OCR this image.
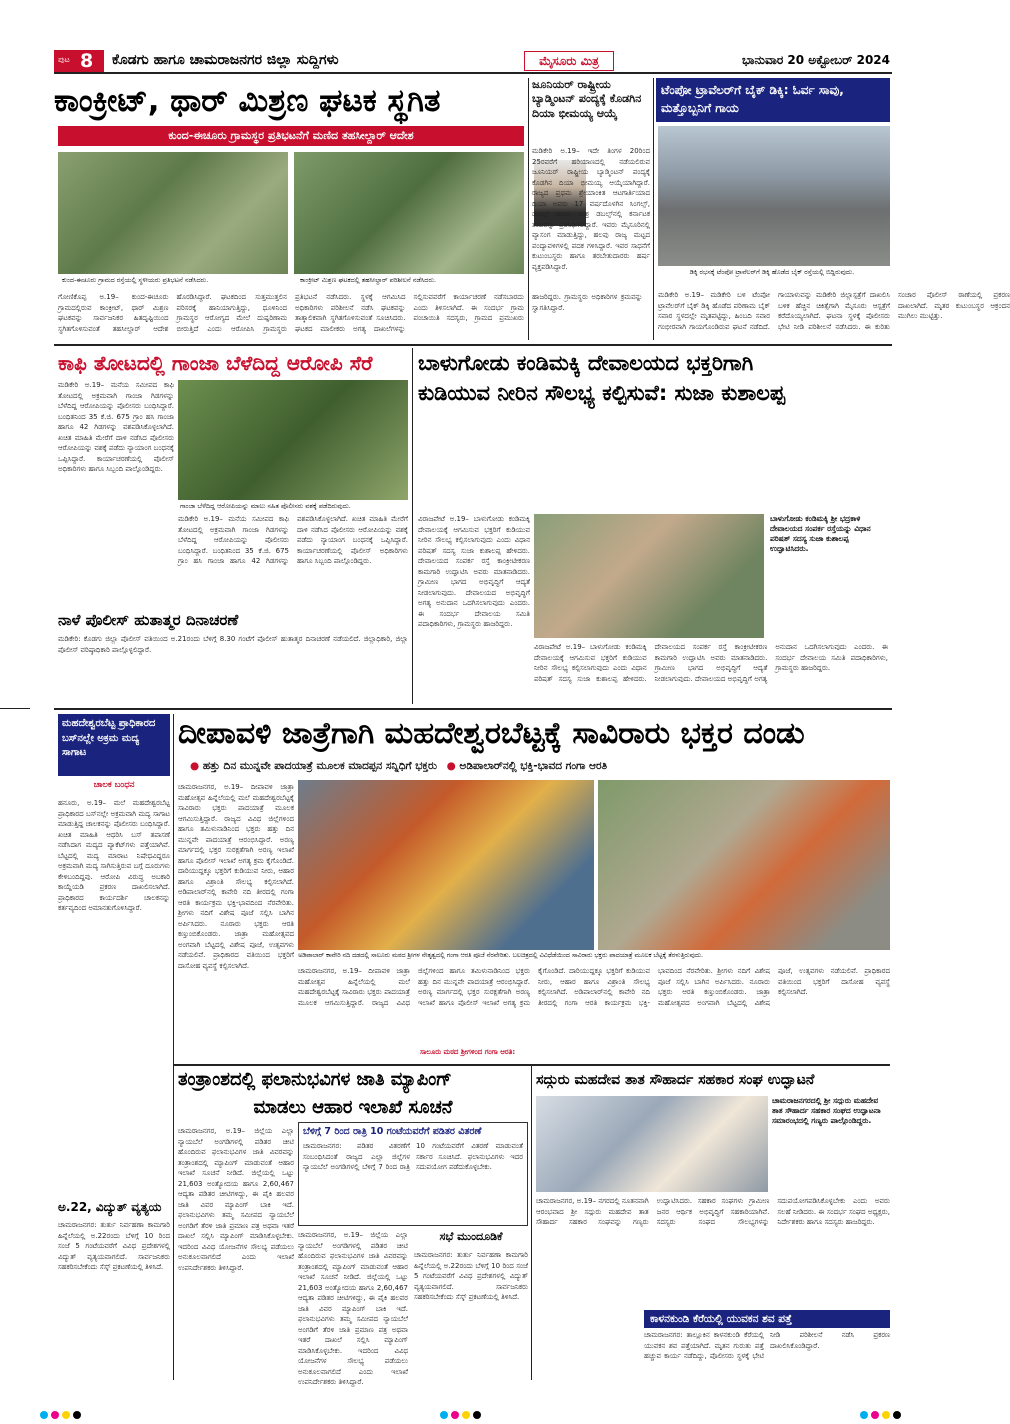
ಪುಟ 8 ಕೊಡಗು ಹಾಗೂ ಚಾಮರಾಜನಗರ ಜಿಲ್ಲಾ ಸುದ್ದಿಗಳು	ಮೈಸೂರು ಮಿತ್ರ	ಭಾನುವಾರ 20 ಅಕ್ಟೋಬರ್ 2024
ಕಾಂಕ್ರೀಟ್, ಥಾರ್ ಮಿಶ್ರಣ ಘಟಕ ಸ್ಥಗಿತ
ಕುಂದ-ಈಚೂರು ಗ್ರಾಮಸ್ಥರ ಪ್ರತಿಭಟನೆಗೆ ಮಣಿದ ತಹಸೀಲ್ದಾರ್ ಆದೇಶ
ಕುಂದ-ಈಚೂರು ಗ್ರಾಮದ ರಸ್ತೆಯಲ್ಲಿ ಸ್ಥಳೀಯರು ಪ್ರತಿಭಟನೆ ನಡೆಸಿದರು.	ಕಾಂಕ್ರೀಟ್ ಮಿಶ್ರಣ ಘಟಕದಲ್ಲಿ ತಹಸೀಲ್ದಾರ್ ಪರಿಶೀಲನೆ ನಡೆಸಿದರು.
ಗೋಣಿಕೊಪ್ಪ ಅ.19– ಕುಂದ-ಈಚೂರು ಗ್ರಾಮದಲ್ಲಿರುವ ಕಾಂಕ್ರೀಟ್, ಥಾರ್ ಮಿಶ್ರಣ ಘಟಕವನ್ನು ಸಾರ್ವಜನಿಕರ ಹಿತದೃಷ್ಟಿಯಿಂದ ಸ್ಥಗಿತಗೊಳಿಸುವಂತೆ ತಹಸೀಲ್ದಾರ್ ಆದೇಶ ಹೊರಡಿಸಿದ್ದಾರೆ. ಘಟಕದಿಂದ ಸುತ್ತಮುತ್ತಲಿನ ಪರಿಸರಕ್ಕೆ ಹಾನಿಯಾಗುತ್ತಿದ್ದು, ಧೂಳಿನಿಂದ ಗ್ರಾಮಸ್ಥರ ಆರೋಗ್ಯದ ಮೇಲೆ ದುಷ್ಪರಿಣಾಮ ಬೀರುತ್ತಿದೆ ಎಂದು ಆರೋಪಿಸಿ ಗ್ರಾಮಸ್ಥರು ಪ್ರತಿಭಟನೆ ನಡೆಸಿದರು. ಸ್ಥಳಕ್ಕೆ ಆಗಮಿಸಿದ ಅಧಿಕಾರಿಗಳು ಪರಿಶೀಲನೆ ನಡೆಸಿ ಘಟಕವನ್ನು ತಾತ್ಕಾಲಿಕವಾಗಿ ಸ್ಥಗಿತಗೊಳಿಸುವಂತೆ ಸೂಚಿಸಿದರು. ಘಟಕದ ಮಾಲೀಕರು ಅಗತ್ಯ ದಾಖಲೆಗಳನ್ನು ಸಲ್ಲಿಸುವವರೆಗೆ ಕಾರ್ಯಾಚರಣೆ ನಡೆಸಬಾರದು ಎಂದು ತಿಳಿಸಲಾಗಿದೆ. ಈ ಸಂದರ್ಭ ಗ್ರಾಮ ಪಂಚಾಯಿತಿ ಸದಸ್ಯರು, ಗ್ರಾಮದ ಪ್ರಮುಖರು ಹಾಜರಿದ್ದರು. ಗ್ರಾಮಸ್ಥರು ಅಧಿಕಾರಿಗಳ ಕ್ರಮವನ್ನು ಸ್ವಾಗತಿಸಿದ್ದಾರೆ.
ಜೂನಿಯರ್ ರಾಷ್ಟ್ರೀಯ ಬ್ಯಾಡ್ಮಿಂಟನ್ ಪಂದ್ಯಕ್ಕೆ ಕೊಡಗಿನ ದಿಯಾ ಭೀಮಯ್ಯ ಆಯ್ಕೆ
ಮಡಿಕೇರಿ ಅ.19– ಇದೇ ತಿಂಗಳ 20ರಿಂದ 25ರವರೆಗೆ ಹರಿಯಾಣದಲ್ಲಿ ನಡೆಯಲಿರುವ ಜೂನಿಯರ್ ರಾಷ್ಟ್ರೀಯ ಬ್ಯಾಡ್ಮಿಂಟನ್ ಪಂದ್ಯಕ್ಕೆ ಕೊಡಗಿನ ದಿಯಾ ಭೀಮಯ್ಯ ಆಯ್ಕೆಯಾಗಿದ್ದಾರೆ. ರಾಜ್ಯದ ಪ್ರಥಮ ಶ್ರೇಯಾಂಕಿತ ಆಟಗಾರ್ತಿಯಾದ ದಿಯಾ ಅವರು 17 ವರ್ಷದೊಳಗಿನ ಸಿಂಗಲ್ಸ್, ಡಬಲ್ಸ್ ಹಾಗೂ ಮಿಶ್ರ ಡಬಲ್ಸ್‌ನಲ್ಲಿ ಕರ್ನಾಟಕ ತಂಡವನ್ನು ಪ್ರತಿನಿಧಿಸಲಿದ್ದಾರೆ. ಇವರು ಮೈಸೂರಿನಲ್ಲಿ ವ್ಯಾಸಂಗ ಮಾಡುತ್ತಿದ್ದು, ಹಲವು ರಾಜ್ಯ ಮಟ್ಟದ ಪಂದ್ಯಾವಳಿಗಳಲ್ಲಿ ಪದಕ ಗಳಿಸಿದ್ದಾರೆ. ಇವರ ಸಾಧನೆಗೆ ಕುಟುಂಬಸ್ಥರು ಹಾಗೂ ತರಬೇತುದಾರರು ಹರ್ಷ ವ್ಯಕ್ತಪಡಿಸಿದ್ದಾರೆ.
ಟೆಂಪೋ ಟ್ರಾವೆಲರ್‌ಗೆ ಬೈಕ್ ಡಿಕ್ಕಿ: ಓರ್ವ ಸಾವು, ಮತ್ತೊಬ್ಬನಿಗೆ ಗಾಯ
ಡಿಕ್ಕಿ ರಭಸಕ್ಕೆ ಟೆಂಪೋ ಟ್ರಾವೆಲರ್‌ಗೆ ಡಿಕ್ಕಿ ಹೊಡೆದ ಬೈಕ್ ರಸ್ತೆಯಲ್ಲಿ ಬಿದ್ದಿರುವುದು.
ಮಡಿಕೇರಿ ಅ.19– ಮಡಿಕೇರಿ ಬಳಿ ಟೆಂಪೋ ಟ್ರಾವೆಲರ್‌ಗೆ ಬೈಕ್ ಡಿಕ್ಕಿ ಹೊಡೆದ ಪರಿಣಾಮ ಬೈಕ್ ಸವಾರ ಸ್ಥಳದಲ್ಲೇ ಮೃತಪಟ್ಟಿದ್ದು, ಹಿಂಬದಿ ಸವಾರ ಗಂಭೀರವಾಗಿ ಗಾಯಗೊಂಡಿರುವ ಘಟನೆ ನಡೆದಿದೆ. ಗಾಯಾಳುವನ್ನು ಮಡಿಕೇರಿ ಜಿಲ್ಲಾಸ್ಪತ್ರೆಗೆ ದಾಖಲಿಸಿ ಬಳಿಕ ಹೆಚ್ಚಿನ ಚಿಕಿತ್ಸೆಗಾಗಿ ಮೈಸೂರು ಆಸ್ಪತ್ರೆಗೆ ಕರೆದೊಯ್ಯಲಾಗಿದೆ. ಘಟನಾ ಸ್ಥಳಕ್ಕೆ ಪೊಲೀಸರು ಭೇಟಿ ನೀಡಿ ಪರಿಶೀಲನೆ ನಡೆಸಿದರು. ಈ ಕುರಿತು ಸಂಚಾರ ಪೊಲೀಸ್ ಠಾಣೆಯಲ್ಲಿ ಪ್ರಕರಣ ದಾಖಲಾಗಿದೆ. ಮೃತರ ಕುಟುಂಬಸ್ಥರ ಆಕ್ರಂದನ ಮುಗಿಲು ಮುಟ್ಟಿತ್ತು.
ಕಾಫಿ ತೋಟದಲ್ಲಿ ಗಾಂಜಾ ಬೆಳೆದಿದ್ದ ಆರೋಪಿ ಸೆರೆ
ಮಡಿಕೇರಿ ಅ.19– ಮನೆಯ ಸಮೀಪದ ಕಾಫಿ ತೋಟದಲ್ಲಿ ಅಕ್ರಮವಾಗಿ ಗಾಂಜಾ ಗಿಡಗಳನ್ನು ಬೆಳೆದಿದ್ದ ಆರೋಪಿಯನ್ನು ಪೊಲೀಸರು ಬಂಧಿಸಿದ್ದಾರೆ. ಬಂಧಿತನಿಂದ 35 ಕೆ.ಜಿ. 675 ಗ್ರಾಂ ಹಸಿ ಗಾಂಜಾ ಹಾಗೂ 42 ಗಿಡಗಳನ್ನು ವಶಪಡಿಸಿಕೊಳ್ಳಲಾಗಿದೆ. ಖಚಿತ ಮಾಹಿತಿ ಮೇರೆಗೆ ದಾಳಿ ನಡೆಸಿದ ಪೊಲೀಸರು ಆರೋಪಿಯನ್ನು ವಶಕ್ಕೆ ಪಡೆದು ನ್ಯಾಯಾಂಗ ಬಂಧನಕ್ಕೆ ಒಪ್ಪಿಸಿದ್ದಾರೆ. ಕಾರ್ಯಾಚರಣೆಯಲ್ಲಿ ಪೊಲೀಸ್ ಅಧಿಕಾರಿಗಳು ಹಾಗೂ ಸಿಬ್ಬಂದಿ ಪಾಲ್ಗೊಂಡಿದ್ದರು.
ಗಾಂಜಾ ಬೆಳೆದಿದ್ದ ಆರೋಪಿಯನ್ನು ಮಾಲು ಸಹಿತ ಪೊಲೀಸರು ವಶಕ್ಕೆ ಪಡೆದಿರುವುದು.
ಮಡಿಕೇರಿ ಅ.19– ಮನೆಯ ಸಮೀಪದ ಕಾಫಿ ತೋಟದಲ್ಲಿ ಅಕ್ರಮವಾಗಿ ಗಾಂಜಾ ಗಿಡಗಳನ್ನು ಬೆಳೆದಿದ್ದ ಆರೋಪಿಯನ್ನು ಪೊಲೀಸರು ಬಂಧಿಸಿದ್ದಾರೆ. ಬಂಧಿತನಿಂದ 35 ಕೆ.ಜಿ. 675 ಗ್ರಾಂ ಹಸಿ ಗಾಂಜಾ ಹಾಗೂ 42 ಗಿಡಗಳನ್ನು ವಶಪಡಿಸಿಕೊಳ್ಳಲಾಗಿದೆ. ಖಚಿತ ಮಾಹಿತಿ ಮೇರೆಗೆ ದಾಳಿ ನಡೆಸಿದ ಪೊಲೀಸರು ಆರೋಪಿಯನ್ನು ವಶಕ್ಕೆ ಪಡೆದು ನ್ಯಾಯಾಂಗ ಬಂಧನಕ್ಕೆ ಒಪ್ಪಿಸಿದ್ದಾರೆ. ಕಾರ್ಯಾಚರಣೆಯಲ್ಲಿ ಪೊಲೀಸ್ ಅಧಿಕಾರಿಗಳು ಹಾಗೂ ಸಿಬ್ಬಂದಿ ಪಾಲ್ಗೊಂಡಿದ್ದರು.
ನಾಳೆ ಪೊಲೀಸ್ ಹುತಾತ್ಮರ ದಿನಾಚರಣೆ
ಮಡಿಕೇರಿ: ಕೊಡಗು ಜಿಲ್ಲಾ ಪೊಲೀಸ್ ವತಿಯಿಂದ ಅ.21ರಂದು ಬೆಳಿಗ್ಗೆ 8.30 ಗಂಟೆಗೆ ಪೊಲೀಸ್ ಹುತಾತ್ಮರ ದಿನಾಚರಣೆ ನಡೆಯಲಿದೆ. ಜಿಲ್ಲಾಧಿಕಾರಿ, ಜಿಲ್ಲಾ ಪೊಲೀಸ್ ವರಿಷ್ಠಾಧಿಕಾರಿ ಪಾಲ್ಗೊಳ್ಳಲಿದ್ದಾರೆ.
ಬಾಳುಗೋಡು ಕಂಡಿಮಕ್ಕಿ ದೇವಾಲಯದ ಭಕ್ತರಿಗಾಗಿ
ಕುಡಿಯುವ ನೀರಿನ ಸೌಲಭ್ಯ ಕಲ್ಪಿಸುವೆ: ಸುಜಾ ಕುಶಾಲಪ್ಪ
ಬಾಳುಗೋಡು ಕಂಡಿಮಕ್ಕಿ ಶ್ರೀ ಭದ್ರಕಾಳಿ ದೇವಾಲಯದ ಸಂಪರ್ಕ ರಸ್ತೆಯನ್ನು ವಿಧಾನ ಪರಿಷತ್ ಸದಸ್ಯ ಸುಜಾ ಕುಶಾಲಪ್ಪ ಉದ್ಘಾಟಿಸಿದರು.
ವಿರಾಜಪೇಟೆ ಅ.19– ಬಾಳುಗೋಡು ಕಂಡಿಮಕ್ಕಿ ದೇವಾಲಯಕ್ಕೆ ಆಗಮಿಸುವ ಭಕ್ತರಿಗೆ ಕುಡಿಯುವ ನೀರಿನ ಸೌಲಭ್ಯ ಕಲ್ಪಿಸಲಾಗುವುದು ಎಂದು ವಿಧಾನ ಪರಿಷತ್ ಸದಸ್ಯ ಸುಜಾ ಕುಶಾಲಪ್ಪ ಹೇಳಿದರು. ದೇವಾಲಯದ ಸಂಪರ್ಕ ರಸ್ತೆ ಕಾಂಕ್ರೀಟೀಕರಣ ಕಾಮಗಾರಿ ಉದ್ಘಾಟಿಸಿ ಅವರು ಮಾತನಾಡಿದರು. ಗ್ರಾಮೀಣ ಭಾಗದ ಅಭಿವೃದ್ಧಿಗೆ ಆದ್ಯತೆ ನೀಡಲಾಗುವುದು. ದೇವಾಲಯದ ಅಭಿವೃದ್ಧಿಗೆ ಅಗತ್ಯ ಅನುದಾನ ಒದಗಿಸಲಾಗುವುದು ಎಂದರು. ಈ ಸಂದರ್ಭ ದೇವಾಲಯ ಸಮಿತಿ ಪದಾಧಿಕಾರಿಗಳು, ಗ್ರಾಮಸ್ಥರು ಹಾಜರಿದ್ದರು.
ವಿರಾಜಪೇಟೆ ಅ.19– ಬಾಳುಗೋಡು ಕಂಡಿಮಕ್ಕಿ ದೇವಾಲಯಕ್ಕೆ ಆಗಮಿಸುವ ಭಕ್ತರಿಗೆ ಕುಡಿಯುವ ನೀರಿನ ಸೌಲಭ್ಯ ಕಲ್ಪಿಸಲಾಗುವುದು ಎಂದು ವಿಧಾನ ಪರಿಷತ್ ಸದಸ್ಯ ಸುಜಾ ಕುಶಾಲಪ್ಪ ಹೇಳಿದರು. ದೇವಾಲಯದ ಸಂಪರ್ಕ ರಸ್ತೆ ಕಾಂಕ್ರೀಟೀಕರಣ ಕಾಮಗಾರಿ ಉದ್ಘಾಟಿಸಿ ಅವರು ಮಾತನಾಡಿದರು. ಗ್ರಾಮೀಣ ಭಾಗದ ಅಭಿವೃದ್ಧಿಗೆ ಆದ್ಯತೆ ನೀಡಲಾಗುವುದು. ದೇವಾಲಯದ ಅಭಿವೃದ್ಧಿಗೆ ಅಗತ್ಯ ಅನುದಾನ ಒದಗಿಸಲಾಗುವುದು ಎಂದರು. ಈ ಸಂದರ್ಭ ದೇವಾಲಯ ಸಮಿತಿ ಪದಾಧಿಕಾರಿಗಳು, ಗ್ರಾಮಸ್ಥರು ಹಾಜರಿದ್ದರು.
ಮಹದೇಶ್ವರಬೆಟ್ಟ ಪ್ರಾಧಿಕಾರದ ಬಸ್‌ನಲ್ಲೇ ಅಕ್ರಮ ಮದ್ಯ ಸಾಗಾಟ
ಚಾಲಕ ಬಂಧನ
ಹನೂರು, ಅ.19– ಮಲೆ ಮಹದೇಶ್ವರಬೆಟ್ಟ ಪ್ರಾಧಿಕಾರದ ಬಸ್‌ನಲ್ಲೇ ಅಕ್ರಮವಾಗಿ ಮದ್ಯ ಸಾಗಾಟ ಮಾಡುತ್ತಿದ್ದ ಚಾಲಕನನ್ನು ಪೊಲೀಸರು ಬಂಧಿಸಿದ್ದಾರೆ. ಖಚಿತ ಮಾಹಿತಿ ಆಧರಿಸಿ ಬಸ್ ತಪಾಸಣೆ ನಡೆಸಿದಾಗ ಮದ್ಯದ ಪ್ಯಾಕೆಟ್‌ಗಳು ಪತ್ತೆಯಾಗಿವೆ. ಬೆಟ್ಟದಲ್ಲಿ ಮದ್ಯ ಮಾರಾಟ ನಿಷೇಧವಿದ್ದರೂ ಅಕ್ರಮವಾಗಿ ಮದ್ಯ ಸಾಗಿಸುತ್ತಿರುವ ಬಗ್ಗೆ ದೂರುಗಳು ಕೇಳಿಬಂದಿದ್ದವು. ಆರೋಪಿ ವಿರುದ್ಧ ಅಬಕಾರಿ ಕಾಯ್ದೆಯಡಿ ಪ್ರಕರಣ ದಾಖಲಿಸಲಾಗಿದೆ. ಪ್ರಾಧಿಕಾರದ ಕಾರ್ಯದರ್ಶಿ ಚಾಲಕನನ್ನು ಕರ್ತವ್ಯದಿಂದ ಅಮಾನತುಗೊಳಿಸಿದ್ದಾರೆ.
ಅ.22, ವಿದ್ಯುತ್ ವ್ಯತ್ಯಯ
ಚಾಮರಾಜನಗರ: ತುರ್ತು ನಿರ್ವಹಣಾ ಕಾಮಗಾರಿ ಹಿನ್ನೆಲೆಯಲ್ಲಿ ಅ.22ರಂದು ಬೆಳಿಗ್ಗೆ 10 ರಿಂದ ಸಂಜೆ 5 ಗಂಟೆಯವರೆಗೆ ವಿವಿಧ ಪ್ರದೇಶಗಳಲ್ಲಿ ವಿದ್ಯುತ್ ವ್ಯತ್ಯಯವಾಗಲಿದೆ. ಸಾರ್ವಜನಿಕರು ಸಹಕರಿಸಬೇಕೆಂದು ಸೆಸ್ಕ್ ಪ್ರಕಟಣೆಯಲ್ಲಿ ತಿಳಿಸಿದೆ.
ದೀಪಾವಳಿ ಜಾತ್ರೆಗಾಗಿ ಮಹದೇಶ್ವರಬೆಟ್ಟಕ್ಕೆ ಸಾವಿರಾರು ಭಕ್ತರ ದಂಡು
● ಹತ್ತು ದಿನ ಮುನ್ನವೇ ಪಾದಯಾತ್ರೆ ಮೂಲಕ ಮಾದಪ್ಪನ ಸನ್ನಿಧಿಗೆ ಭಕ್ತರು ● ಅಡಿಪಾಲಾರ್‌ನಲ್ಲಿ ಭಕ್ತಿ-ಭಾವದ ಗಂಗಾ ಆರತಿ
ಚಾಮರಾಜನಗರ, ಅ.19– ದೀಪಾವಳಿ ಜಾತ್ರಾ ಮಹೋತ್ಸವ ಹಿನ್ನೆಲೆಯಲ್ಲಿ ಮಲೆ ಮಹದೇಶ್ವರಬೆಟ್ಟಕ್ಕೆ ಸಾವಿರಾರು ಭಕ್ತರು ಪಾದಯಾತ್ರೆ ಮೂಲಕ ಆಗಮಿಸುತ್ತಿದ್ದಾರೆ. ರಾಜ್ಯದ ವಿವಿಧ ಜಿಲ್ಲೆಗಳಿಂದ ಹಾಗೂ ತಮಿಳುನಾಡಿನಿಂದ ಭಕ್ತರು ಹತ್ತು ದಿನ ಮುನ್ನವೇ ಪಾದಯಾತ್ರೆ ಆರಂಭಿಸಿದ್ದಾರೆ. ಅರಣ್ಯ ಮಾರ್ಗದಲ್ಲಿ ಭಕ್ತರ ಸುರಕ್ಷತೆಗಾಗಿ ಅರಣ್ಯ ಇಲಾಖೆ ಹಾಗೂ ಪೊಲೀಸ್ ಇಲಾಖೆ ಅಗತ್ಯ ಕ್ರಮ ಕೈಗೊಂಡಿದೆ. ದಾರಿಯುದ್ದಕ್ಕೂ ಭಕ್ತರಿಗೆ ಕುಡಿಯುವ ನೀರು, ಆಹಾರ ಹಾಗೂ ವಿಶ್ರಾಂತಿ ಸೌಲಭ್ಯ ಕಲ್ಪಿಸಲಾಗಿದೆ. ಅಡಿಪಾಲಾರ್‌ನಲ್ಲಿ ಕಾವೇರಿ ನದಿ ತೀರದಲ್ಲಿ ಗಂಗಾ ಆರತಿ ಕಾರ್ಯಕ್ರಮ ಭಕ್ತಿ-ಭಾವದಿಂದ ನೆರವೇರಿತು. ಶ್ರೀಗಳು ನದಿಗೆ ವಿಶೇಷ ಪೂಜೆ ಸಲ್ಲಿಸಿ ಬಾಗಿನ ಅರ್ಪಿಸಿದರು. ನೂರಾರು ಭಕ್ತರು ಆರತಿ ಕಣ್ತುಂಬಿಕೊಂಡರು. ಜಾತ್ರಾ ಮಹೋತ್ಸವದ ಅಂಗವಾಗಿ ಬೆಟ್ಟದಲ್ಲಿ ವಿಶೇಷ ಪೂಜೆ, ಉತ್ಸವಗಳು ನಡೆಯಲಿವೆ. ಪ್ರಾಧಿಕಾರದ ವತಿಯಿಂದ ಭಕ್ತರಿಗೆ ದಾಸೋಹ ವ್ಯವಸ್ಥೆ ಕಲ್ಪಿಸಲಾಗಿದೆ.
ಅಡಿಪಾಲಾರ್ ಕಾವೇರಿ ನದಿ ದಡದಲ್ಲಿ ಸಾಲೂರು ಮಠದ ಶ್ರೀಗಳ ನೇತೃತ್ವದಲ್ಲಿ ಗಂಗಾ ಆರತಿ ಪೂಜೆ ನೆರವೇರಿತು. ಬಲಚಿತ್ರದಲ್ಲಿ ವಿವಿಧೆಡೆಯಿಂದ ಸಾವಿರಾರು ಭಕ್ತರು ಪಾದಯಾತ್ರೆ ಮೂಲಕ ಬೆಟ್ಟಕ್ಕೆ ತೆರಳುತ್ತಿರುವುದು.
ಚಾಮರಾಜನಗರ, ಅ.19– ದೀಪಾವಳಿ ಜಾತ್ರಾ ಮಹೋತ್ಸವ ಹಿನ್ನೆಲೆಯಲ್ಲಿ ಮಲೆ ಮಹದೇಶ್ವರಬೆಟ್ಟಕ್ಕೆ ಸಾವಿರಾರು ಭಕ್ತರು ಪಾದಯಾತ್ರೆ ಮೂಲಕ ಆಗಮಿಸುತ್ತಿದ್ದಾರೆ. ರಾಜ್ಯದ ವಿವಿಧ ಜಿಲ್ಲೆಗಳಿಂದ ಹಾಗೂ ತಮಿಳುನಾಡಿನಿಂದ ಭಕ್ತರು ಹತ್ತು ದಿನ ಮುನ್ನವೇ ಪಾದಯಾತ್ರೆ ಆರಂಭಿಸಿದ್ದಾರೆ. ಅರಣ್ಯ ಮಾರ್ಗದಲ್ಲಿ ಭಕ್ತರ ಸುರಕ್ಷತೆಗಾಗಿ ಅರಣ್ಯ ಇಲಾಖೆ ಹಾಗೂ ಪೊಲೀಸ್ ಇಲಾಖೆ ಅಗತ್ಯ ಕ್ರಮ ಕೈಗೊಂಡಿದೆ. ದಾರಿಯುದ್ದಕ್ಕೂ ಭಕ್ತರಿಗೆ ಕುಡಿಯುವ ನೀರು, ಆಹಾರ ಹಾಗೂ ವಿಶ್ರಾಂತಿ ಸೌಲಭ್ಯ ಕಲ್ಪಿಸಲಾಗಿದೆ. ಅಡಿಪಾಲಾರ್‌ನಲ್ಲಿ ಕಾವೇರಿ ನದಿ ತೀರದಲ್ಲಿ ಗಂಗಾ ಆರತಿ ಕಾರ್ಯಕ್ರಮ ಭಕ್ತಿ-ಭಾವದಿಂದ ನೆರವೇರಿತು. ಶ್ರೀಗಳು ನದಿಗೆ ವಿಶೇಷ ಪೂಜೆ ಸಲ್ಲಿಸಿ ಬಾಗಿನ ಅರ್ಪಿಸಿದರು. ನೂರಾರು ಭಕ್ತರು ಆರತಿ ಕಣ್ತುಂಬಿಕೊಂಡರು. ಜಾತ್ರಾ ಮಹೋತ್ಸವದ ಅಂಗವಾಗಿ ಬೆಟ್ಟದಲ್ಲಿ ವಿಶೇಷ ಪೂಜೆ, ಉತ್ಸವಗಳು ನಡೆಯಲಿವೆ. ಪ್ರಾಧಿಕಾರದ ವತಿಯಿಂದ ಭಕ್ತರಿಗೆ ದಾಸೋಹ ವ್ಯವಸ್ಥೆ ಕಲ್ಪಿಸಲಾಗಿದೆ.
ಸಾಲೂರು ಮಠದ ಶ್ರೀಗಳಿಂದ ಗಂಗಾ ಆರತಿ:
ತಂತ್ರಾಂಶದಲ್ಲಿ ಫಲಾನುಭವಿಗಳ ಜಾತಿ ಮ್ಯಾಪಿಂಗ್
ಮಾಡಲು ಆಹಾರ ಇಲಾಖೆ ಸೂಚನೆ
ಚಾಮರಾಜನಗರ, ಅ.19– ಜಿಲ್ಲೆಯ ಎಲ್ಲಾ ನ್ಯಾಯಬೆಲೆ ಅಂಗಡಿಗಳಲ್ಲಿ ಪಡಿತರ ಚೀಟಿ ಹೊಂದಿರುವ ಫಲಾನುಭವಿಗಳ ಜಾತಿ ವಿವರವನ್ನು ತಂತ್ರಾಂಶದಲ್ಲಿ ಮ್ಯಾಪಿಂಗ್ ಮಾಡುವಂತೆ ಆಹಾರ ಇಲಾಖೆ ಸೂಚನೆ ನೀಡಿದೆ. ಜಿಲ್ಲೆಯಲ್ಲಿ ಒಟ್ಟು 21,603 ಅಂತ್ಯೋದಯ ಹಾಗೂ 2,60,467 ಆದ್ಯತಾ ಪಡಿತರ ಚೀಟಿಗಳಿದ್ದು, ಈ ಪೈಕಿ ಹಲವರ ಜಾತಿ ವಿವರ ಮ್ಯಾಪಿಂಗ್ ಬಾಕಿ ಇದೆ. ಫಲಾನುಭವಿಗಳು ತಮ್ಮ ಸಮೀಪದ ನ್ಯಾಯಬೆಲೆ ಅಂಗಡಿಗೆ ತೆರಳಿ ಜಾತಿ ಪ್ರಮಾಣ ಪತ್ರ ಅಥವಾ ಇತರೆ ದಾಖಲೆ ಸಲ್ಲಿಸಿ ಮ್ಯಾಪಿಂಗ್ ಮಾಡಿಸಿಕೊಳ್ಳಬೇಕು. ಇದರಿಂದ ವಿವಿಧ ಯೋಜನೆಗಳ ಸೌಲಭ್ಯ ಪಡೆಯಲು ಅನುಕೂಲವಾಗಲಿದೆ ಎಂದು ಇಲಾಖೆ ಉಪನಿರ್ದೇಶಕರು ತಿಳಿಸಿದ್ದಾರೆ.
ಬೆಳಿಗ್ಗೆ 7 ರಿಂದ ರಾತ್ರಿ 10 ಗಂಟೆಯವರೆಗೆ ಪಡಿತರ ವಿತರಣೆ
ಚಾಮರಾಜನಗರ: ಪಡಿತರ ವಿತರಣೆಗೆ ಸಂಬಂಧಿಸಿದಂತೆ ರಾಜ್ಯದ ಎಲ್ಲಾ ಜಿಲ್ಲೆಗಳ ನ್ಯಾಯಬೆಲೆ ಅಂಗಡಿಗಳಲ್ಲಿ ಬೆಳಿಗ್ಗೆ 7 ರಿಂದ ರಾತ್ರಿ 10 ಗಂಟೆಯವರೆಗೆ ವಿತರಣೆ ಮಾಡುವಂತೆ ಸರ್ಕಾರ ಸೂಚಿಸಿದೆ. ಫಲಾನುಭವಿಗಳು ಇದರ ಸದುಪಯೋಗ ಪಡೆದುಕೊಳ್ಳಬೇಕು.
ಚಾಮರಾಜನಗರ, ಅ.19– ಜಿಲ್ಲೆಯ ಎಲ್ಲಾ ನ್ಯಾಯಬೆಲೆ ಅಂಗಡಿಗಳಲ್ಲಿ ಪಡಿತರ ಚೀಟಿ ಹೊಂದಿರುವ ಫಲಾನುಭವಿಗಳ ಜಾತಿ ವಿವರವನ್ನು ತಂತ್ರಾಂಶದಲ್ಲಿ ಮ್ಯಾಪಿಂಗ್ ಮಾಡುವಂತೆ ಆಹಾರ ಇಲಾಖೆ ಸೂಚನೆ ನೀಡಿದೆ. ಜಿಲ್ಲೆಯಲ್ಲಿ ಒಟ್ಟು 21,603 ಅಂತ್ಯೋದಯ ಹಾಗೂ 2,60,467 ಆದ್ಯತಾ ಪಡಿತರ ಚೀಟಿಗಳಿದ್ದು, ಈ ಪೈಕಿ ಹಲವರ ಜಾತಿ ವಿವರ ಮ್ಯಾಪಿಂಗ್ ಬಾಕಿ ಇದೆ. ಫಲಾನುಭವಿಗಳು ತಮ್ಮ ಸಮೀಪದ ನ್ಯಾಯಬೆಲೆ ಅಂಗಡಿಗೆ ತೆರಳಿ ಜಾತಿ ಪ್ರಮಾಣ ಪತ್ರ ಅಥವಾ ಇತರೆ ದಾಖಲೆ ಸಲ್ಲಿಸಿ ಮ್ಯಾಪಿಂಗ್ ಮಾಡಿಸಿಕೊಳ್ಳಬೇಕು. ಇದರಿಂದ ವಿವಿಧ ಯೋಜನೆಗಳ ಸೌಲಭ್ಯ ಪಡೆಯಲು ಅನುಕೂಲವಾಗಲಿದೆ ಎಂದು ಇಲಾಖೆ ಉಪನಿರ್ದೇಶಕರು ತಿಳಿಸಿದ್ದಾರೆ.
ಸಭೆ ಮುಂದೂಡಿಕೆ
ಚಾಮರಾಜನಗರ: ತುರ್ತು ನಿರ್ವಹಣಾ ಕಾಮಗಾರಿ ಹಿನ್ನೆಲೆಯಲ್ಲಿ ಅ.22ರಂದು ಬೆಳಿಗ್ಗೆ 10 ರಿಂದ ಸಂಜೆ 5 ಗಂಟೆಯವರೆಗೆ ವಿವಿಧ ಪ್ರದೇಶಗಳಲ್ಲಿ ವಿದ್ಯುತ್ ವ್ಯತ್ಯಯವಾಗಲಿದೆ. ಸಾರ್ವಜನಿಕರು ಸಹಕರಿಸಬೇಕೆಂದು ಸೆಸ್ಕ್ ಪ್ರಕಟಣೆಯಲ್ಲಿ ತಿಳಿಸಿದೆ.
ಸದ್ಗುರು ಮಹದೇವ ತಾತ ಸೌಹಾರ್ದ ಸಹಕಾರ ಸಂಘ ಉದ್ಘಾಟನೆ
ಚಾಮರಾಜನಗರದಲ್ಲಿ ಶ್ರೀ ಸದ್ಗುರು ಮಹದೇವ ತಾತ ಸೌಹಾರ್ದ ಸಹಕಾರ ಸಂಘದ ಉದ್ಘಾಟನಾ ಸಮಾರಂಭದಲ್ಲಿ ಗಣ್ಯರು ಪಾಲ್ಗೊಂಡಿದ್ದರು.
ಚಾಮರಾಜನಗರ, ಅ.19– ನಗರದಲ್ಲಿ ನೂತನವಾಗಿ ಆರಂಭವಾದ ಶ್ರೀ ಸದ್ಗುರು ಮಹದೇವ ತಾತ ಸೌಹಾರ್ದ ಸಹಕಾರ ಸಂಘವನ್ನು ಗಣ್ಯರು ಉದ್ಘಾಟಿಸಿದರು. ಸಹಕಾರ ಸಂಘಗಳು ಗ್ರಾಮೀಣ ಜನರ ಆರ್ಥಿಕ ಅಭಿವೃದ್ಧಿಗೆ ಸಹಕಾರಿಯಾಗಿವೆ. ಸದಸ್ಯರು ಸಂಘದ ಸೌಲಭ್ಯಗಳನ್ನು ಸದುಪಯೋಗಪಡಿಸಿಕೊಳ್ಳಬೇಕು ಎಂದು ಅವರು ಸಲಹೆ ನೀಡಿದರು. ಈ ಸಂದರ್ಭ ಸಂಘದ ಅಧ್ಯಕ್ಷರು, ನಿರ್ದೇಶಕರು ಹಾಗೂ ಸದಸ್ಯರು ಹಾಜರಿದ್ದರು.
ಕಾಳನಕುಂಡಿ ಕೆರೆಯಲ್ಲಿ ಯುವಕನ ಶವ ಪತ್ತೆ
ಚಾಮರಾಜನಗರ: ತಾಲ್ಲೂಕಿನ ಕಾಳನಕುಂಡಿ ಕೆರೆಯಲ್ಲಿ ಯುವಕನ ಶವ ಪತ್ತೆಯಾಗಿದೆ. ಮೃತನ ಗುರುತು ಪತ್ತೆ ಹಚ್ಚುವ ಕಾರ್ಯ ನಡೆದಿದ್ದು, ಪೊಲೀಸರು ಸ್ಥಳಕ್ಕೆ ಭೇಟಿ ನೀಡಿ ಪರಿಶೀಲನೆ ನಡೆಸಿ ಪ್ರಕರಣ ದಾಖಲಿಸಿಕೊಂಡಿದ್ದಾರೆ.
